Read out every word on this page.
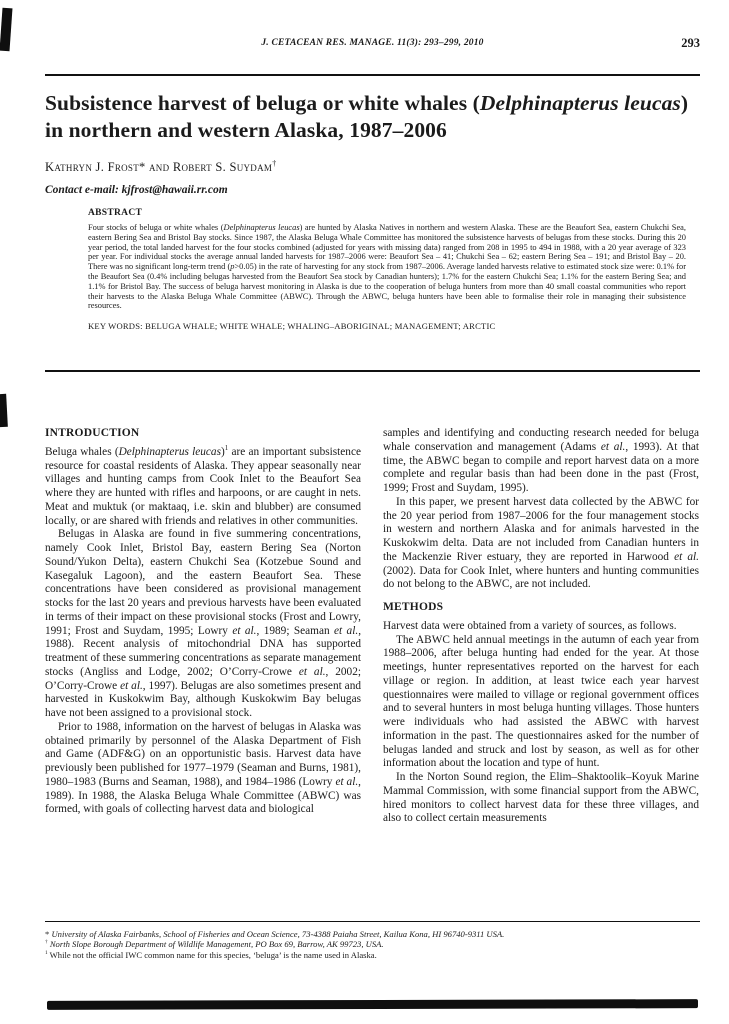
J. CETACEAN RES. MANAGE. 11(3): 293–299, 2010	293
Subsistence harvest of beluga or white whales (Delphinapterus leucas) in northern and western Alaska, 1987–2006
Kathryn J. Frost* and Robert S. Suydam†
Contact e-mail: kjfrost@hawaii.rr.com
ABSTRACT

Four stocks of beluga or white whales (Delphinapterus leucas) are hunted by Alaska Natives in northern and western Alaska. These are the Beaufort Sea, eastern Chukchi Sea, eastern Bering Sea and Bristol Bay stocks. Since 1987, the Alaska Beluga Whale Committee has monitored the subsistence harvests of belugas from these stocks. During this 20 year period, the total landed harvest for the four stocks combined (adjusted for years with missing data) ranged from 208 in 1995 to 494 in 1988, with a 20 year average of 323 per year. For individual stocks the average annual landed harvests for 1987–2006 were: Beaufort Sea – 41; Chukchi Sea – 62; eastern Bering Sea – 191; and Bristol Bay – 20. There was no significant long-term trend (p>0.05) in the rate of harvesting for any stock from 1987–2006. Average landed harvests relative to estimated stock size were: 0.1% for the Beaufort Sea (0.4% including belugas harvested from the Beaufort Sea stock by Canadian hunters); 1.7% for the eastern Chukchi Sea; 1.1% for the eastern Bering Sea; and 1.1% for Bristol Bay. The success of beluga harvest monitoring in Alaska is due to the cooperation of beluga hunters from more than 40 small coastal communities who report their harvests to the Alaska Beluga Whale Committee (ABWC). Through the ABWC, beluga hunters have been able to formalise their role in managing their subsistence resources.

KEY WORDS: BELUGA WHALE; WHITE WHALE; WHALING–ABORIGINAL; MANAGEMENT; ARCTIC
INTRODUCTION

Beluga whales (Delphinapterus leucas)$^1$ are an important subsistence resource for coastal residents of Alaska. They appear seasonally near villages and hunting camps from Cook Inlet to the Beaufort Sea where they are hunted with rifles and harpoons, or are caught in nets. Meat and muktuk (or maktaaq, i.e. skin and blubber) are consumed locally, or are shared with friends and relatives in other communities.

Belugas in Alaska are found in five summering concentrations, namely Cook Inlet, Bristol Bay, eastern Bering Sea (Norton Sound/Yukon Delta), eastern Chukchi Sea (Kotzebue Sound and Kasegaluk Lagoon), and the eastern Beaufort Sea. These concentrations have been considered as provisional management stocks for the last 20 years and previous harvests have been evaluated in terms of their impact on these provisional stocks (Frost and Lowry, 1991; Frost and Suydam, 1995; Lowry et al., 1989; Seaman et al., 1988). Recent analysis of mitochondrial DNA has supported treatment of these summering concentrations as separate management stocks (Angliss and Lodge, 2002; O’Corry-Crowe et al., 2002; O’Corry-Crowe et al., 1997). Belugas are also sometimes present and harvested in Kuskokwim Bay, although Kuskokwim Bay belugas have not been assigned to a provisional stock.

Prior to 1988, information on the harvest of belugas in Alaska was obtained primarily by personnel of the Alaska Department of Fish and Game (ADF&G) on an opportunistic basis. Harvest data have previously been published for 1977–1979 (Seaman and Burns, 1981), 1980–1983 (Burns and Seaman, 1988), and 1984–1986 (Lowry et al., 1989). In 1988, the Alaska Beluga Whale Committee (ABWC) was formed, with goals of collecting harvest data and biological

samples and identifying and conducting research needed for beluga whale conservation and management (Adams et al., 1993). At that time, the ABWC began to compile and report harvest data on a more complete and regular basis than had been done in the past (Frost, 1999; Frost and Suydam, 1995).

In this paper, we present harvest data collected by the ABWC for the 20 year period from 1987–2006 for the four management stocks in western and northern Alaska and for animals harvested in the Kuskokwim delta. Data are not included from Canadian hunters in the Mackenzie River estuary, they are reported in Harwood et al. (2002). Data for Cook Inlet, where hunters and hunting communities do not belong to the ABWC, are not included.

METHODS

Harvest data were obtained from a variety of sources, as follows.

The ABWC held annual meetings in the autumn of each year from 1988–2006, after beluga hunting had ended for the year. At those meetings, hunter representatives reported on the harvest for each village or region. In addition, at least twice each year harvest questionnaires were mailed to village or regional government offices and to several hunters in most beluga hunting villages. Those hunters were individuals who had assisted the ABWC with harvest information in the past. The questionnaires asked for the number of belugas landed and struck and lost by season, as well as for other information about the location and type of hunt.

In the Norton Sound region, the Elim–Shaktoolik–Koyuk Marine Mammal Commission, with some financial support from the ABWC, hired monitors to collect harvest data for these three villages, and also to collect certain measurements

* University of Alaska Fairbanks, School of Fisheries and Ocean Science, 73-4388 Paiaha Street, Kailua Kona, HI 96740-9311 USA.

† North Slope Borough Department of Wildlife Management, PO Box 69, Barrow, AK 99723, USA.

$^1$ While not the official IWC common name for this species, ‘beluga’ is the name used in Alaska.
